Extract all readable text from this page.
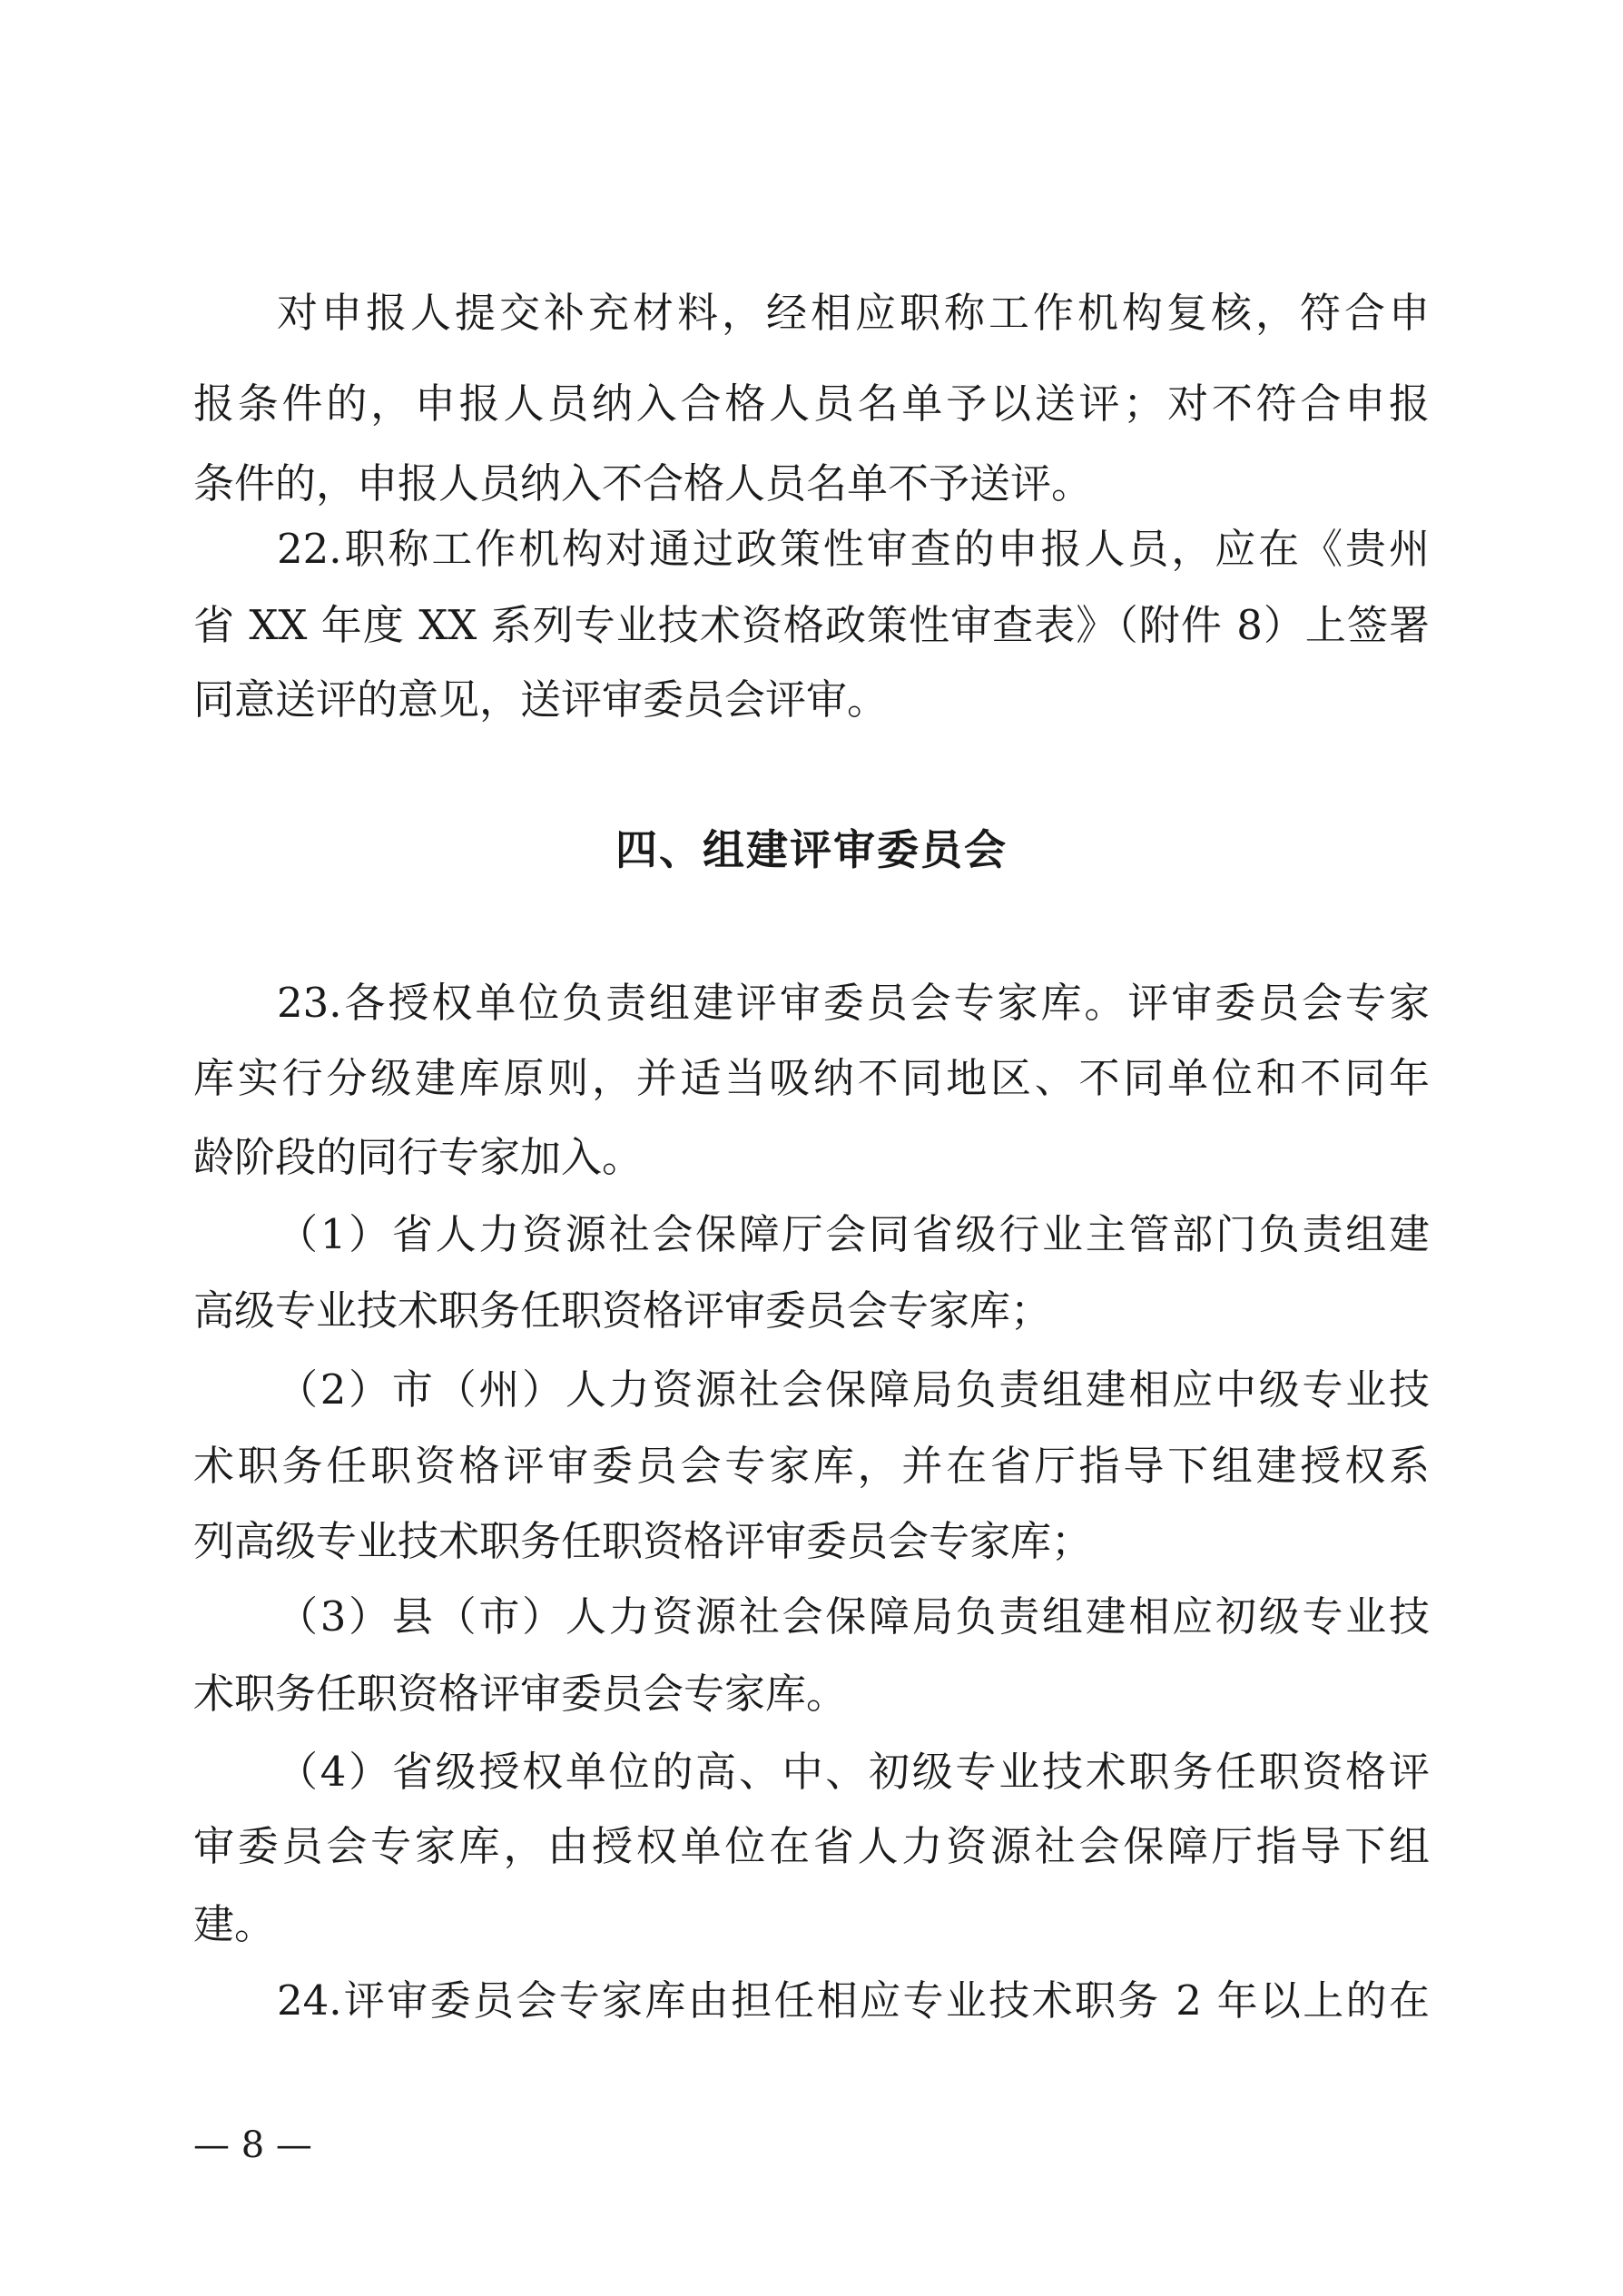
对申报人提交补充材料，经相应职称工作机构复核，符合申
报条件的，申报人员纳入合格人员名单予以送评；对不符合申报
条件的，申报人员纳入不合格人员名单不予送评。
22.职称工作机构对通过政策性审查的申报人员，应在《贵州
省 XX 年度 XX 系列专业技术资格政策性审查表》（附件 8）上签署
同意送评的意见，送评审委员会评审。
四、组建评审委员会
23.各授权单位负责组建评审委员会专家库。评审委员会专家
库实行分级建库原则，并适当吸纳不同地区、不同单位和不同年
龄阶段的同行专家加入。
（1）省人力资源社会保障厅会同省级行业主管部门负责组建
高级专业技术职务任职资格评审委员会专家库；
（2）市（州）人力资源社会保障局负责组建相应中级专业技
术职务任职资格评审委员会专家库，并在省厅指导下组建授权系
列高级专业技术职务任职资格评审委员会专家库；
（3）县（市）人力资源社会保障局负责组建相应初级专业技
术职务任职资格评审委员会专家库。
（4）省级授权单位的高、中、初级专业技术职务任职资格评
审委员会专家库，由授权单位在省人力资源社会保障厅指导下组
建。
24.评审委员会专家库由担任相应专业技术职务 2 年以上的在
— 8 —
